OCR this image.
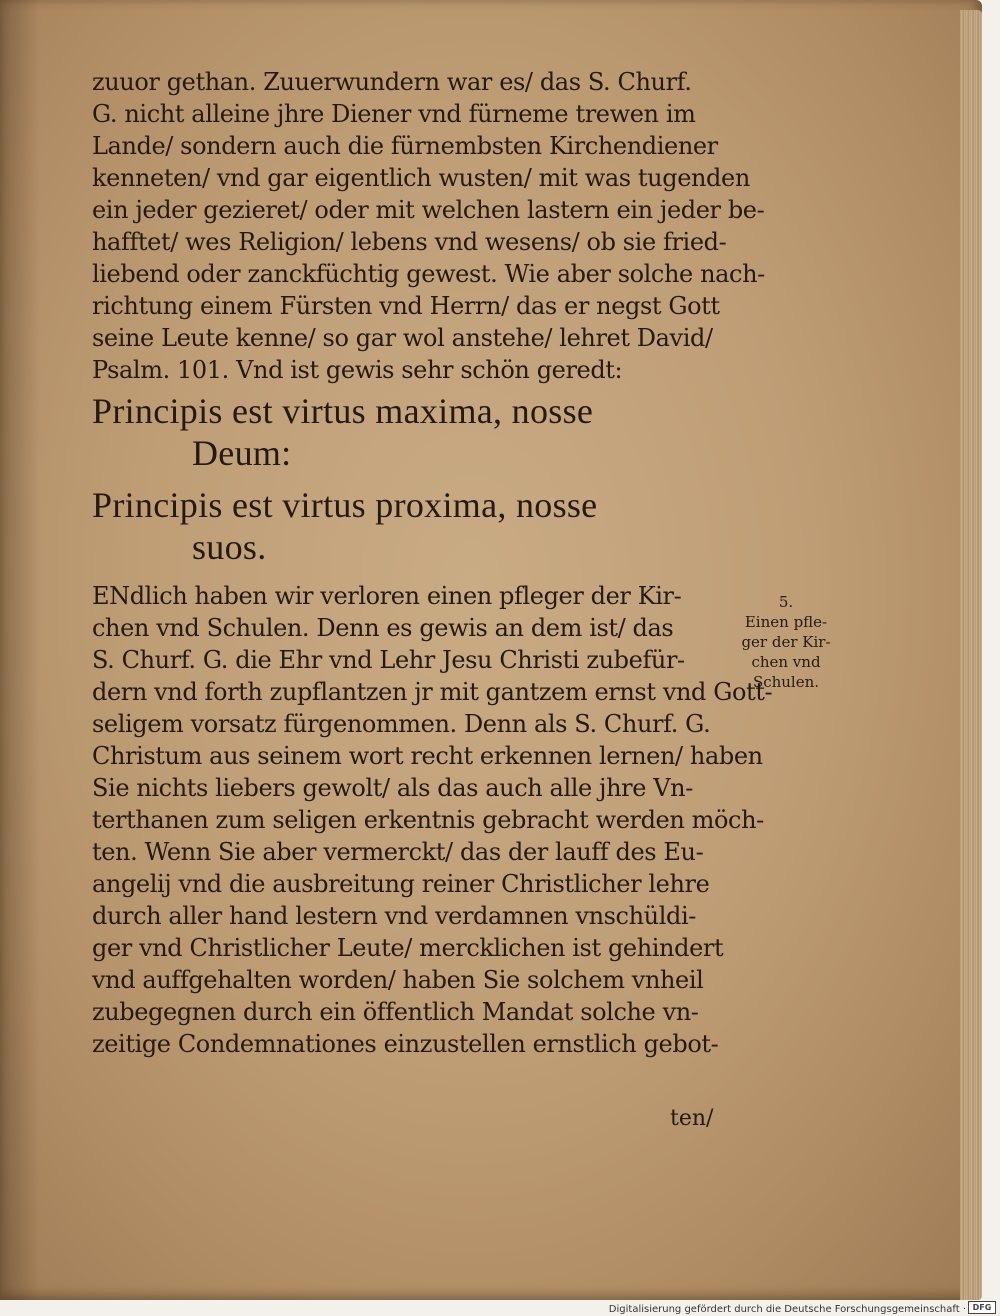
zuuor gethan. Zuuerwundern war es/ das S. Churf.
G. nicht alleine jhre Diener vnd fürneme trewen im
Lande/ sondern auch die fürnembsten Kirchendiener
kenneten/ vnd gar eigentlich wusten/ mit was tugenden
ein jeder gezieret/ oder mit welchen lastern ein jeder be-
hafftet/ wes Religion/ lebens vnd wesens/ ob sie fried-
liebend oder zanckfüchtig gewest. Wie aber solche nach-
richtung einem Fürsten vnd Herrn/ das er negst Gott
seine Leute kenne/ so gar wol anstehe/ lehret David/
Psalm. 101. Vnd ist gewis sehr schön geredt:
Principis est virtus maxima, nosse
Deum:
Principis est virtus proxima, nosse
suos.
ENdlich haben wir verloren einen pfleger der Kir-
chen vnd Schulen. Denn es gewis an dem ist/ das
S. Churf. G. die Ehr vnd Lehr Jesu Christi zubefür-
dern vnd forth zupflantzen jr mit gantzem ernst vnd Gott-
seligem vorsatz fürgenommen. Denn als S. Churf. G.
Christum aus seinem wort recht erkennen lernen/ haben
Sie nichts liebers gewolt/ als das auch alle jhre Vn-
terthanen zum seligen erkentnis gebracht werden möch-
ten. Wenn Sie aber vermerckt/ das der lauff des Eu-
angelij vnd die ausbreitung reiner Christlicher lehre
durch aller hand lestern vnd verdamnen vnschüldi-
ger vnd Christlicher Leute/ mercklichen ist gehindert
vnd auffgehalten worden/ haben Sie solchem vnheil
zubegegnen durch ein öffentlich Mandat solche vn-
zeitige Condemnationes einzustellen ernstlich gebot-
5.
Einen pfle-
ger der Kir-
chen vnd
Schulen.
ten/
Digitalisierung gefördert durch die Deutsche Forschungsgemeinschaft · DFG
